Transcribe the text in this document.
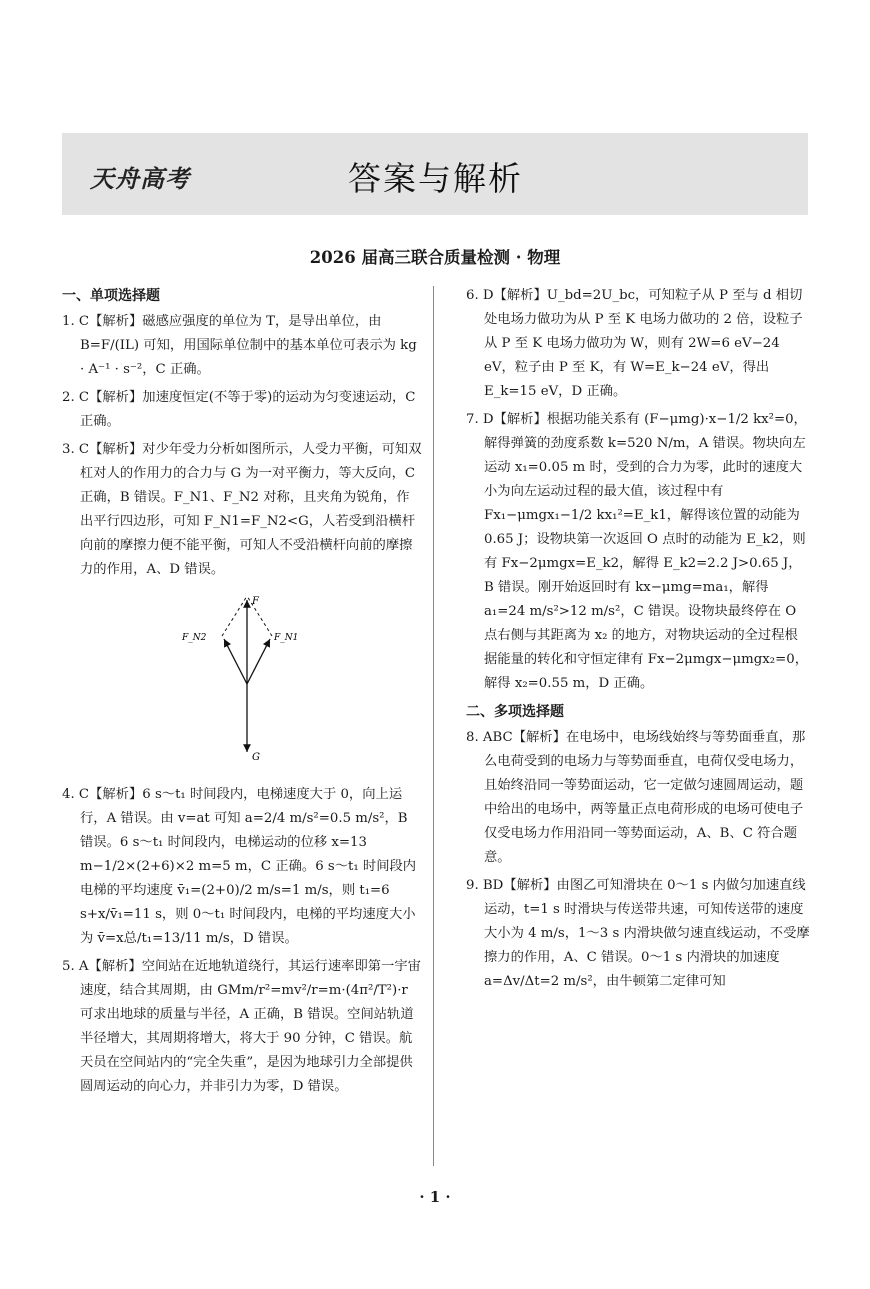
天舟高考	答案与解析
2026 届高三联合质量检测 · 物理
一、单项选择题

1. C【解析】磁感应强度的单位为 T，是导出单位，由 B=F/(IL) 可知，用国际单位制中的基本单位可表示为 kg · A⁻¹ · s⁻²，C 正确。

2. C【解析】加速度恒定(不等于零)的运动为匀变速运动，C 正确。

3. C【解析】对少年受力分析如图所示，人受力平衡，可知双杠对人的作用力的合力与 G 为一对平衡力，等大反向，C 正确，B 错误。F_N1、F_N2 对称，且夹角为锐角，作出平行四边形，可知 F_N1=F_N2<G，人若受到沿横杆向前的摩擦力便不能平衡，可知人不受沿横杆向前的摩擦力的作用，A、D 错误。

F
F_N2	F_N1
G

4. C【解析】6 s～t₁ 时间段内，电梯速度大于 0，向上运行，A 错误。由 v=at 可知 a=2/4 m/s²=0.5 m/s²，B 错误。6 s～t₁ 时间段内，电梯运动的位移 x=13 m−1/2×(2+6)×2 m=5 m，C 正确。6 s～t₁ 时间段内电梯的平均速度 v̄₁=(2+0)/2 m/s=1 m/s，则 t₁=6 s+x/v̄₁=11 s，则 0～t₁ 时间段内，电梯的平均速度大小为 v̄=x总/t₁=13/11 m/s，D 错误。

5. A【解析】空间站在近地轨道绕行，其运行速率即第一宇宙速度，结合其周期，由 GMm/r²=mv²/r=m·(4π²/T²)·r 可求出地球的质量与半径，A 正确，B 错误。空间站轨道半径增大，其周期将增大，将大于 90 分钟，C 错误。航天员在空间站内的“完全失重”，是因为地球引力全部提供圆周运动的向心力，并非引力为零，D 错误。

6. D【解析】U_bd=2U_bc，可知粒子从 P 至与 d 相切处电场力做功为从 P 至 K 电场力做功的 2 倍，设粒子从 P 至 K 电场力做功为 W，则有 2W=6 eV−24 eV，粒子由 P 至 K，有 W=E_k−24 eV，得出 E_k=15 eV，D 正确。

7. D【解析】根据功能关系有 (F−μmg)·x−1/2 kx²=0，解得弹簧的劲度系数 k=520 N/m，A 错误。物块向左运动 x₁=0.05 m 时，受到的合力为零，此时的速度大小为向左运动过程的最大值，该过程中有 Fx₁−μmgx₁−1/2 kx₁²=E_k1，解得该位置的动能为 0.65 J；设物块第一次返回 O 点时的动能为 E_k2，则有 Fx−2μmgx=E_k2，解得 E_k2=2.2 J>0.65 J，B 错误。刚开始返回时有 kx−μmg=ma₁，解得 a₁=24 m/s²>12 m/s²，C 错误。设物块最终停在 O 点右侧与其距离为 x₂ 的地方，对物块运动的全过程根据能量的转化和守恒定律有 Fx−2μmgx−μmgx₂=0，解得 x₂=0.55 m，D 正确。

二、多项选择题

8. ABC【解析】在电场中，电场线始终与等势面垂直，那么电荷受到的电场力与等势面垂直，电荷仅受电场力，且始终沿同一等势面运动，它一定做匀速圆周运动，题中给出的电场中，两等量正点电荷形成的电场可使电子仅受电场力作用沿同一等势面运动，A、B、C 符合题意。

9. BD【解析】由图乙可知滑块在 0～1 s 内做匀加速直线运动，t=1 s 时滑块与传送带共速，可知传送带的速度大小为 4 m/s，1～3 s 内滑块做匀速直线运动，不受摩擦力的作用，A、C 错误。0～1 s 内滑块的加速度 a=Δv/Δt=2 m/s²，由牛顿第二定律可知

· 1 ·
